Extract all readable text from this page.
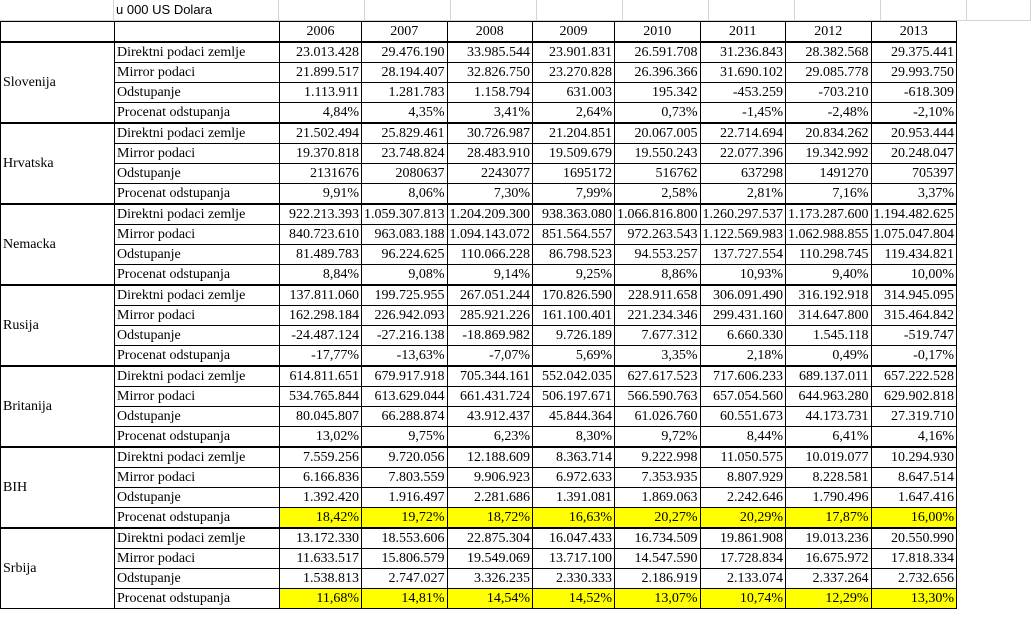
u 000 US Dolara
		2006	2007	2008	2009	2010	2011	2012	2013
Slovenija	Direktni podaci zemlje	23.013.428	29.476.190	33.985.544	23.901.831	26.591.708	31.236.843	28.382.568	29.375.441
	Mirror podaci	21.899.517	28.194.407	32.826.750	23.270.828	26.396.366	31.690.102	29.085.778	29.993.750
	Odstupanje	1.113.911	1.281.783	1.158.794	631.003	195.342	-453.259	-703.210	-618.309
	Procenat odstupanja	4,84%	4,35%	3,41%	2,64%	0,73%	-1,45%	-2,48%	-2,10%
Hrvatska	Direktni podaci zemlje	21.502.494	25.829.461	30.726.987	21.204.851	20.067.005	22.714.694	20.834.262	20.953.444
	Mirror podaci	19.370.818	23.748.824	28.483.910	19.509.679	19.550.243	22.077.396	19.342.992	20.248.047
	Odstupanje	2131676	2080637	2243077	1695172	516762	637298	1491270	705397
	Procenat odstupanja	9,91%	8,06%	7,30%	7,99%	2,58%	2,81%	7,16%	3,37%
Nemacka	Direktni podaci zemlje	922.213.393	1.059.307.813	1.204.209.300	938.363.080	1.066.816.800	1.260.297.537	1.173.287.600	1.194.482.625
	Mirror podaci	840.723.610	963.083.188	1.094.143.072	851.564.557	972.263.543	1.122.569.983	1.062.988.855	1.075.047.804
	Odstupanje	81.489.783	96.224.625	110.066.228	86.798.523	94.553.257	137.727.554	110.298.745	119.434.821
	Procenat odstupanja	8,84%	9,08%	9,14%	9,25%	8,86%	10,93%	9,40%	10,00%
Rusija	Direktni podaci zemlje	137.811.060	199.725.955	267.051.244	170.826.590	228.911.658	306.091.490	316.192.918	314.945.095
	Mirror podaci	162.298.184	226.942.093	285.921.226	161.100.401	221.234.346	299.431.160	314.647.800	315.464.842
	Odstupanje	-24.487.124	-27.216.138	-18.869.982	9.726.189	7.677.312	6.660.330	1.545.118	-519.747
	Procenat odstupanja	-17,77%	-13,63%	-7,07%	5,69%	3,35%	2,18%	0,49%	-0,17%
Britanija	Direktni podaci zemlje	614.811.651	679.917.918	705.344.161	552.042.035	627.617.523	717.606.233	689.137.011	657.222.528
	Mirror podaci	534.765.844	613.629.044	661.431.724	506.197.671	566.590.763	657.054.560	644.963.280	629.902.818
	Odstupanje	80.045.807	66.288.874	43.912.437	45.844.364	61.026.760	60.551.673	44.173.731	27.319.710
	Procenat odstupanja	13,02%	9,75%	6,23%	8,30%	9,72%	8,44%	6,41%	4,16%
BIH	Direktni podaci zemlje	7.559.256	9.720.056	12.188.609	8.363.714	9.222.998	11.050.575	10.019.077	10.294.930
	Mirror podaci	6.166.836	7.803.559	9.906.923	6.972.633	7.353.935	8.807.929	8.228.581	8.647.514
	Odstupanje	1.392.420	1.916.497	2.281.686	1.391.081	1.869.063	2.242.646	1.790.496	1.647.416
	Procenat odstupanja	18,42%	19,72%	18,72%	16,63%	20,27%	20,29%	17,87%	16,00%
Srbija	Direktni podaci zemlje	13.172.330	18.553.606	22.875.304	16.047.433	16.734.509	19.861.908	19.013.236	20.550.990
	Mirror podaci	11.633.517	15.806.579	19.549.069	13.717.100	14.547.590	17.728.834	16.675.972	17.818.334
	Odstupanje	1.538.813	2.747.027	3.326.235	2.330.333	2.186.919	2.133.074	2.337.264	2.732.656
	Procenat odstupanja	11,68%	14,81%	14,54%	14,52%	13,07%	10,74%	12,29%	13,30%
